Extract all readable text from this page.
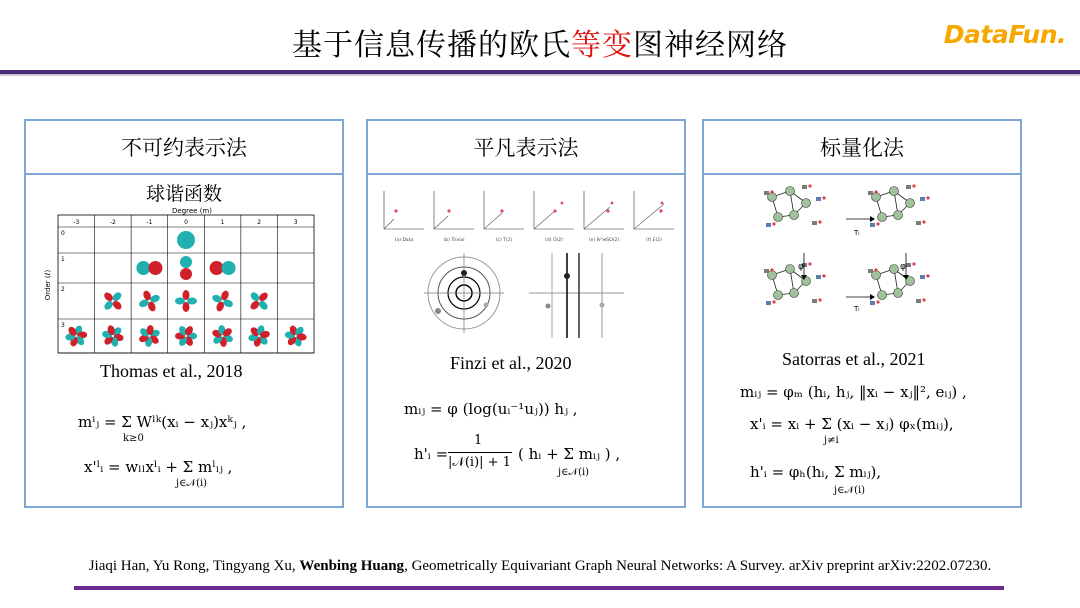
基于信息传播的欧氏等变图神经网络	DataFun.
不可约表示法
球谐函数
Degree (m)
Order (ℓ)
-3	-2	-1	0	1	2	3
0
1
2
3
Thomas et al., 2018
mⁱⱼ = Σ Wˡᵏ(xᵢ − xⱼ)xᵏⱼ ,
k≥0
x'ˡᵢ = wₗₗxˡᵢ + Σ mˡᵢⱼ ,
j∈𝒩(i)
平凡表示法
(a) Data	(b) Trivial	(c) T(2)	(d) O(2)	(e) ℝ²⋊SO(2)	(f) E(2)
Finzi et al., 2020
mᵢⱼ = φ (log(uᵢ⁻¹uⱼ)) hⱼ ,
h'ᵢ =
1
|𝒩(i)| + 1 ( hᵢ + Σ mᵢⱼ ) ,
j∈𝒩(i)
标量化法
φ	φ
Tₗ
Tₗ
Satorras et al., 2021
mᵢⱼ = φₘ (hᵢ, hⱼ, ‖xᵢ − xⱼ‖², eᵢⱼ) ,
x'ᵢ = xᵢ + Σ (xᵢ − xⱼ) φₓ(mᵢⱼ),
j≠i
h'ᵢ = φₕ(hᵢ, Σ mᵢⱼ),
j∈𝒩(i)
Jiaqi Han, Yu Rong, Tingyang Xu, Wenbing Huang, Geometrically Equivariant Graph Neural Networks: A Survey. arXiv preprint arXiv:2202.07230.
